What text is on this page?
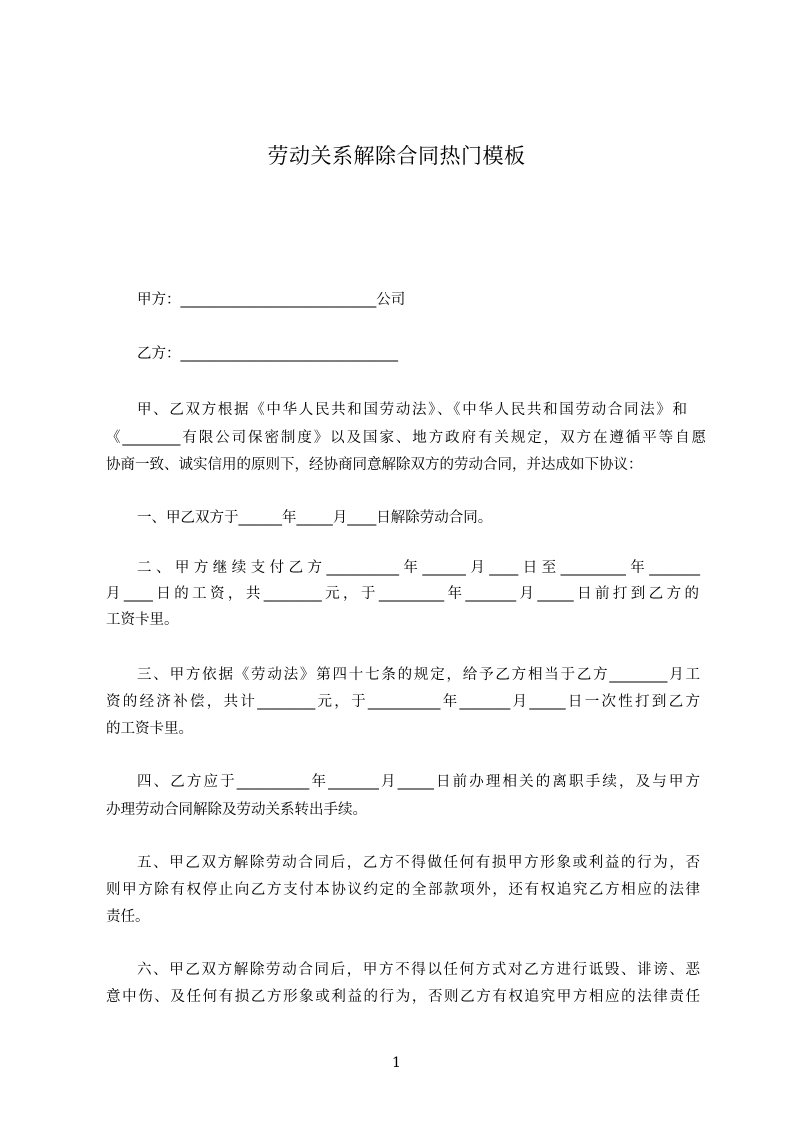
劳动关系解除合同热门模板
甲方：___________________________公司
乙方：______________________________
甲、乙双方根据《中华人民共和国劳动法》、《中华人民共和国劳动合同法》和
《________有限公司保密制度》以及国家、地方政府有关规定，双方在遵循平等自愿
协商一致、诚实信用的原则下，经协商同意解除双方的劳动合同，并达成如下协议：
一、甲乙双方于______年_____月____日解除劳动合同。
二、甲方继续支付乙方__________年______月____日至_________年_______
月____日的工资，共________元，于_________年_______月_____日前打到乙方的
工资卡里。
三、甲方依据《劳动法》第四十七条的规定，给予乙方相当于乙方________月工
资的经济补偿，共计________元，于__________年_______月_____日一次性打到乙方
的工资卡里。
四、乙方应于__________年_______月_____日前办理相关的离职手续，及与甲方
办理劳动合同解除及劳动关系转出手续。
五、甲乙双方解除劳动合同后，乙方不得做任何有损甲方形象或利益的行为，否
则甲方除有权停止向乙方支付本协议约定的全部款项外，还有权追究乙方相应的法律
责任。
六、甲乙双方解除劳动合同后，甲方不得以任何方式对乙方进行诋毁、诽谤、恶
意中伤、及任何有损乙方形象或利益的行为，否则乙方有权追究甲方相应的法律责任
1
